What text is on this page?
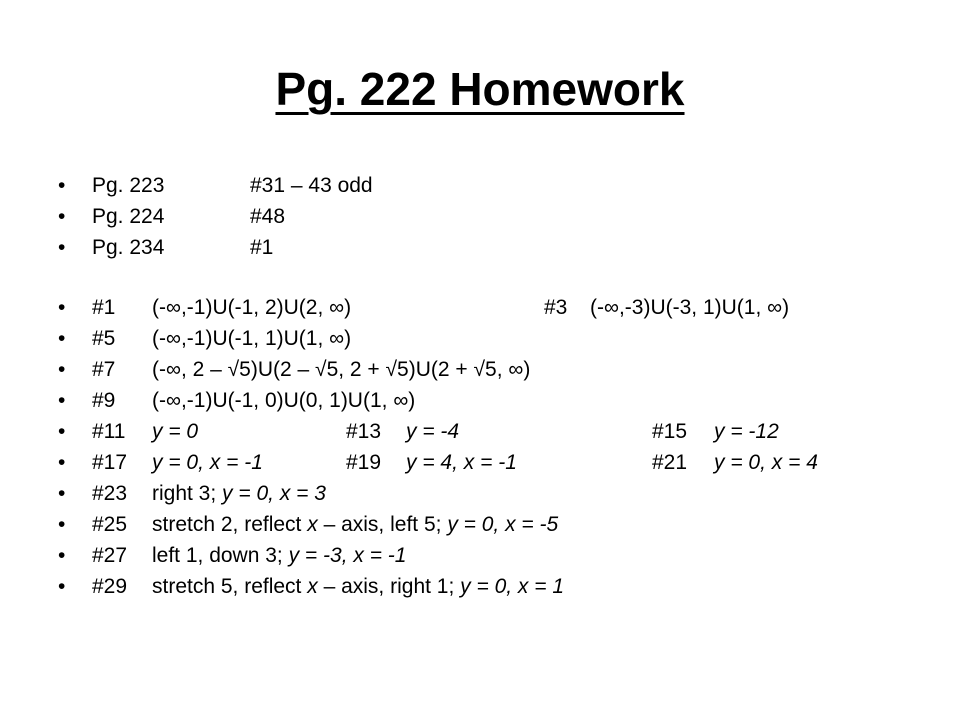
Pg. 222 Homework
• Pg. 223	#31 – 43 odd
• Pg. 224	#48
• Pg. 234	#1
• #1 (-∞,-1)U(-1, 2)U(2, ∞)	#3 (-∞,-3)U(-3, 1)U(1, ∞)
• #5 (-∞,-1)U(-1, 1)U(1, ∞)
• #7 (-∞, 2 – √5)U(2 – √5, 2 + √5)U(2 + √5, ∞)
• #9 (-∞,-1)U(-1, 0)U(0, 1)U(1, ∞)
• #11 y = 0	#13 y = -4	#15 y = -12
• #17 y = 0, x = -1	#19 y = 4, x = -1	#21 y = 0, x = 4
• #23 right 3; y = 0, x = 3
• #25 stretch 2, reflect x – axis, left 5; y = 0, x = -5
• #27 left 1, down 3; y = -3, x = -1
• #29 stretch 5, reflect x – axis, right 1; y = 0, x = 1
